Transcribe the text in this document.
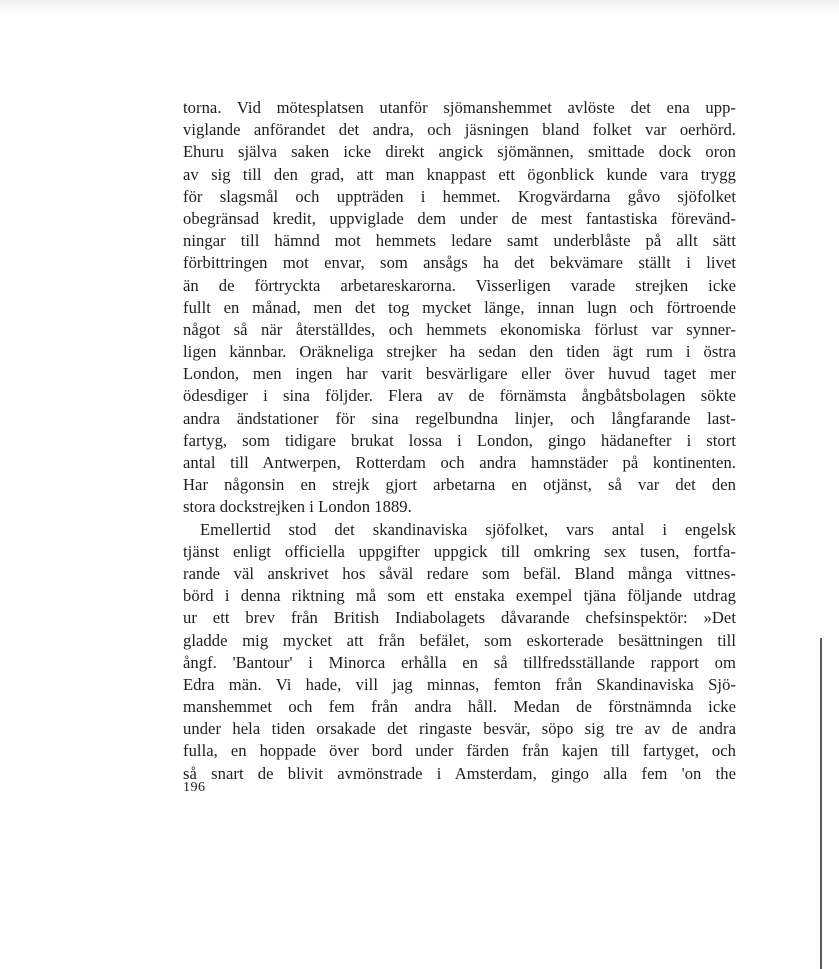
torna. Vid mötesplatsen utanför sjömanshemmet avlöste det ena upp-
viglande anförandet det andra, och jäsningen bland folket var oerhörd.
Ehuru själva saken icke direkt angick sjömännen, smittade dock oron
av sig till den grad, att man knappast ett ögonblick kunde vara trygg
för slagsmål och uppträden i hemmet. Krogvärdarna gåvo sjöfolket
obegränsad kredit, uppviglade dem under de mest fantastiska förevänd-
ningar till hämnd mot hemmets ledare samt underblåste på allt sätt
förbittringen mot envar, som ansågs ha det bekvämare ställt i livet
än de förtryckta arbetareskarorna. Visserligen varade strejken icke
fullt en månad, men det tog mycket länge, innan lugn och förtroende
något så när återställdes, och hemmets ekonomiska förlust var synner-
ligen kännbar. Oräkneliga strejker ha sedan den tiden ägt rum i östra
London, men ingen har varit besvärligare eller över huvud taget mer
ödesdiger i sina följder. Flera av de förnämsta ångbåtsbolagen sökte
andra ändstationer för sina regelbundna linjer, och långfarande last-
fartyg, som tidigare brukat lossa i London, gingo hädanefter i stort
antal till Antwerpen, Rotterdam och andra hamnstäder på kontinenten.
Har någonsin en strejk gjort arbetarna en otjänst, så var det den
stora dockstrejken i London 1889.
Emellertid stod det skandinaviska sjöfolket, vars antal i engelsk
tjänst enligt officiella uppgifter uppgick till omkring sex tusen, fortfa-
rande väl anskrivet hos såväl redare som befäl. Bland många vittnes-
börd i denna riktning må som ett enstaka exempel tjäna följande utdrag
ur ett brev från British Indiabolagets dåvarande chefsinspektör: »Det
gladde mig mycket att från befälet, som eskorterade besättningen till
ångf. 'Bantour' i Minorca erhålla en så tillfredsställande rapport om
Edra män. Vi hade, vill jag minnas, femton från Skandinaviska Sjö-
manshemmet och fem från andra håll. Medan de förstnämnda icke
under hela tiden orsakade det ringaste besvär, söpo sig tre av de andra
fulla, en hoppade över bord under färden från kajen till fartyget, och
så snart de blivit avmönstrade i Amsterdam, gingo alla fem 'on the
196
